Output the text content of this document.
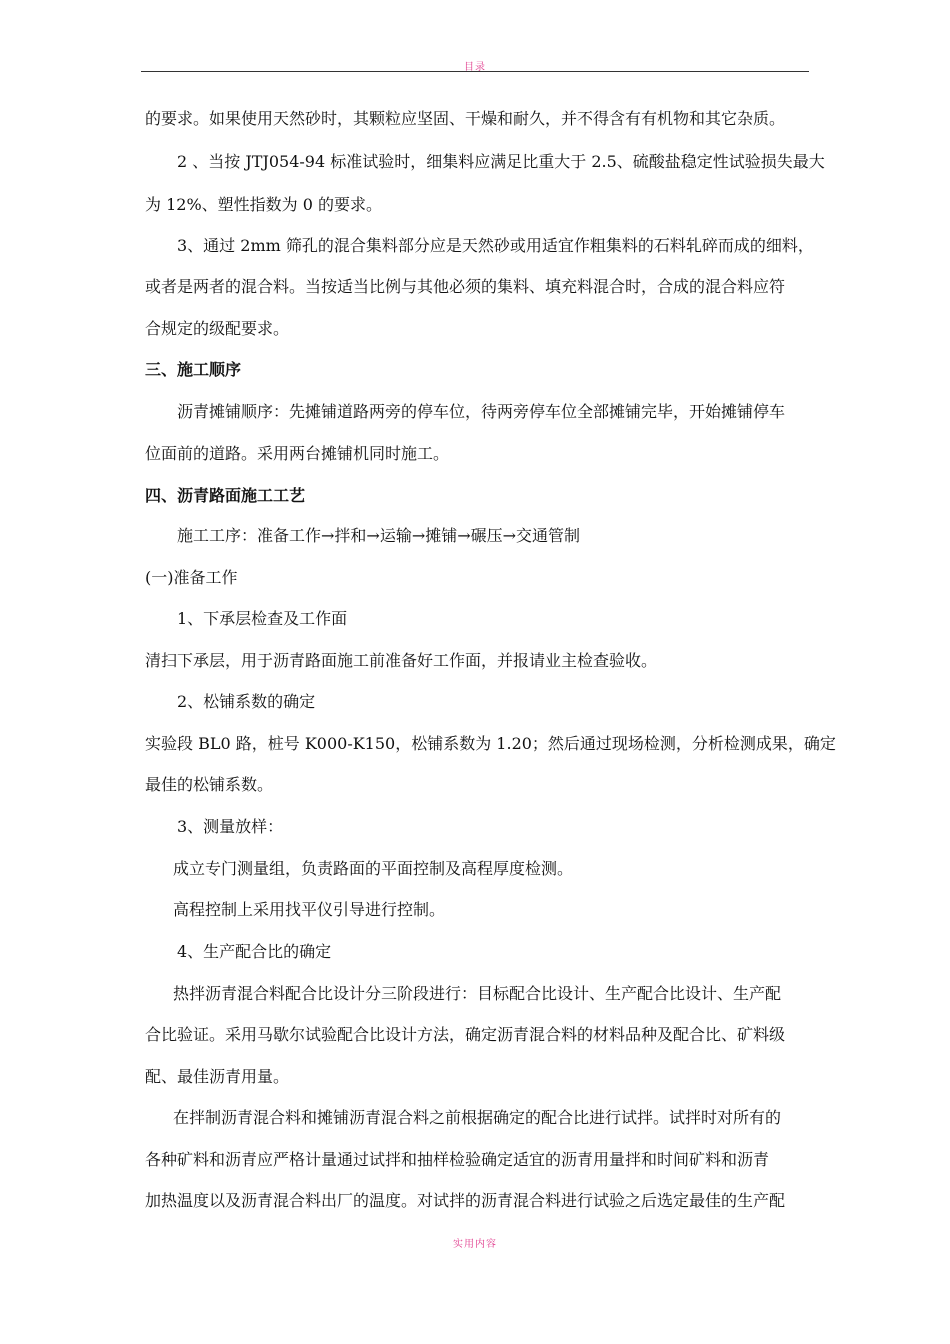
目录
的要求。如果使用天然砂时，其颗粒应坚固、干燥和耐久，并不得含有有机物和其它杂质。
2 、当按 JTJ054-94 标准试验时，细集料应满足比重大于 2.5、硫酸盐稳定性试验损失最大
为 12%、塑性指数为 0 的要求。
3、通过 2mm 筛孔的混合集料部分应是天然砂或用适宜作粗集料的石料轧碎而成的细料，
或者是两者的混合料。当按适当比例与其他必须的集料、填充料混合时，合成的混合料应符
合规定的级配要求。
三、施工顺序
沥青摊铺顺序：先摊铺道路两旁的停车位，待两旁停车位全部摊铺完毕，开始摊铺停车
位面前的道路。采用两台摊铺机同时施工。
四、沥青路面施工工艺
施工工序：准备工作→拌和→运输→摊铺→碾压→交通管制
(一)准备工作
1、下承层检查及工作面
清扫下承层，用于沥青路面施工前准备好工作面，并报请业主检查验收。
2、松铺系数的确定
实验段 BL0 路，桩号 K000-K150，松铺系数为 1.20；然后通过现场检测，分析检测成果，确定
最佳的松铺系数。
3、测量放样：
成立专门测量组，负责路面的平面控制及高程厚度检测。
高程控制上采用找平仪引导进行控制。
4、生产配合比的确定
热拌沥青混合料配合比设计分三阶段进行：目标配合比设计、生产配合比设计、生产配
合比验证。采用马歇尔试验配合比设计方法，确定沥青混合料的材料品种及配合比、矿料级
配、最佳沥青用量。
在拌制沥青混合料和摊铺沥青混合料之前根据确定的配合比进行试拌。试拌时对所有的
各种矿料和沥青应严格计量通过试拌和抽样检验确定适宜的沥青用量拌和时间矿料和沥青
加热温度以及沥青混合料出厂的温度。对试拌的沥青混合料进行试验之后选定最佳的生产配
实用内容
